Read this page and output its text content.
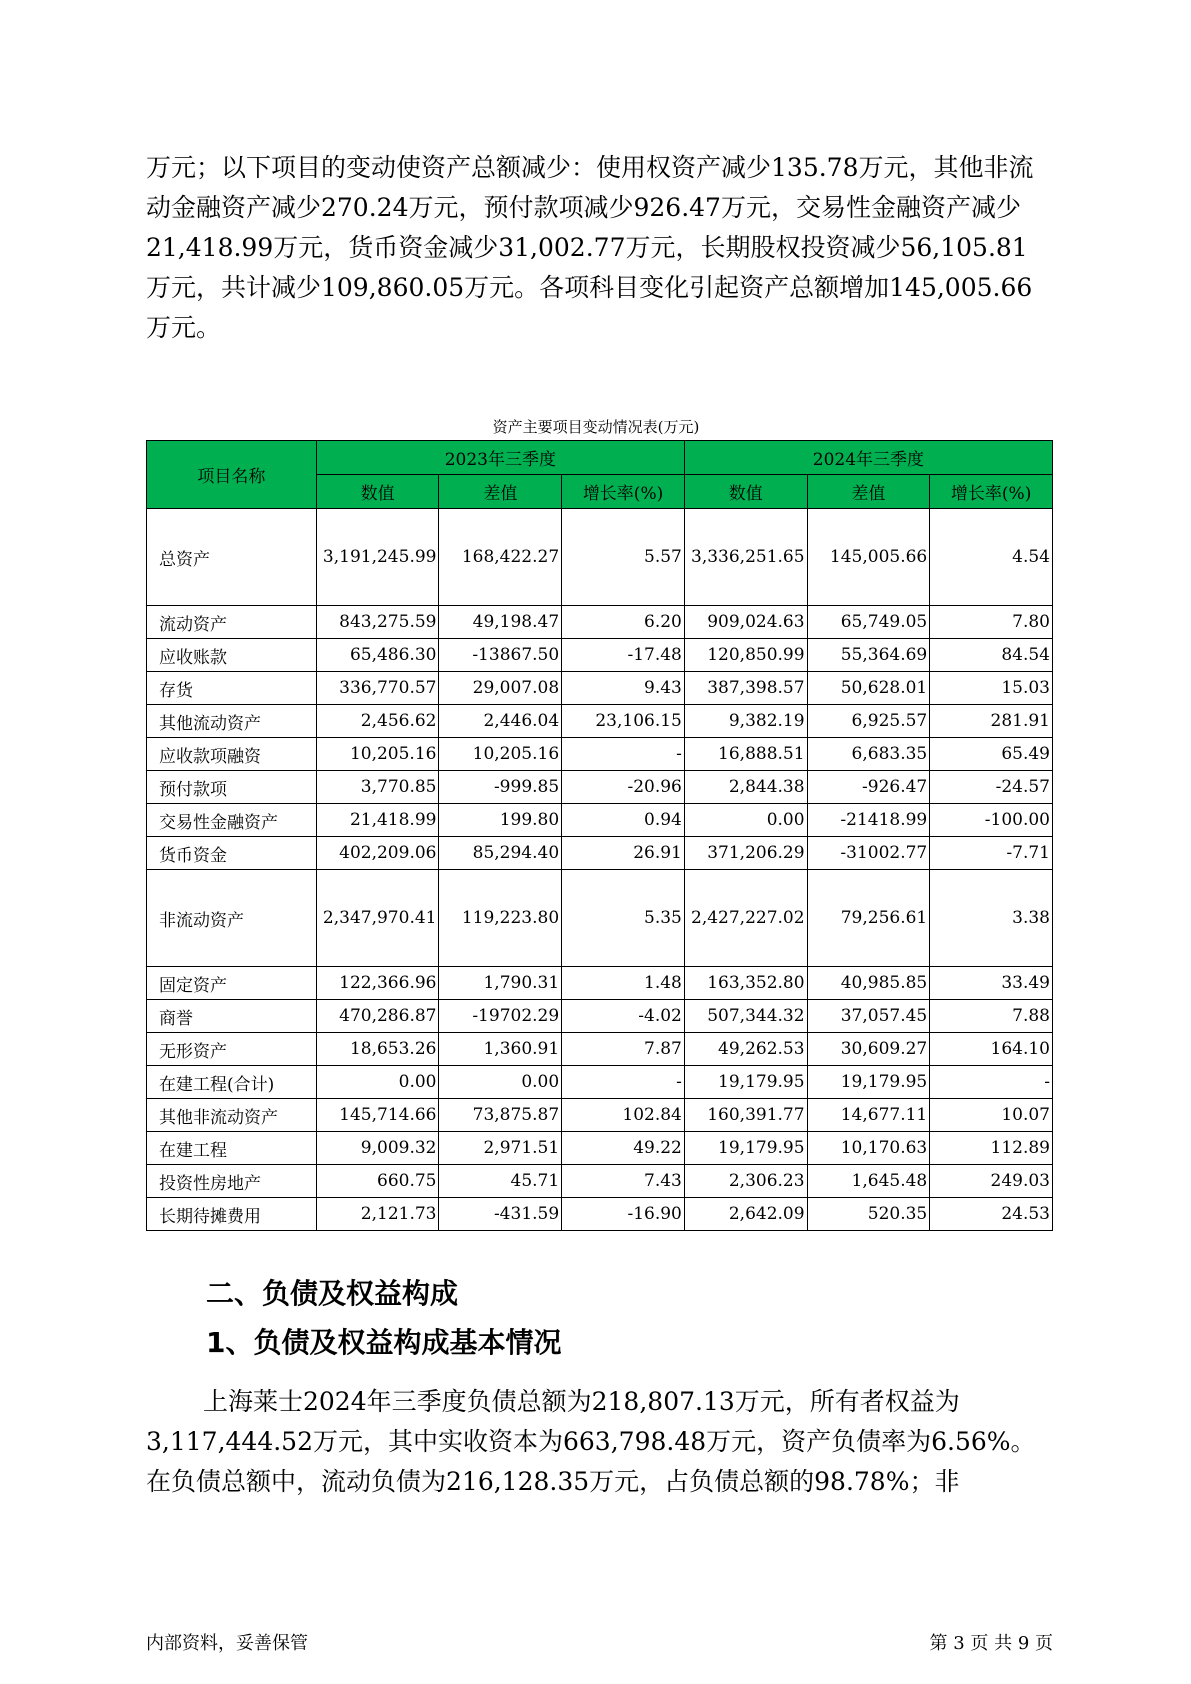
万元；以下项目的变动使资产总额减少：使用权资产减少135.78万元，其他非流动金融资产减少270.24万元，预付款项减少926.47万元，交易性金融资产减少21,418.99万元，货币资金减少31,002.77万元，长期股权投资减少56,105.81万元，共计减少109,860.05万元。各项科目变化引起资产总额增加145,005.66万元。

资产主要项目变动情况表(万元)
项目名称	2023年三季度			2024年三季度		
	数值	差值	增长率(%)	数值	差值	增长率(%)
总资产	3,191,245.99	168,422.27	5.57	3,336,251.65	145,005.66	4.54
流动资产	843,275.59	49,198.47	6.20	909,024.63	65,749.05	7.80
应收账款	65,486.30	-13867.50	-17.48	120,850.99	55,364.69	84.54
存货	336,770.57	29,007.08	9.43	387,398.57	50,628.01	15.03
其他流动资产	2,456.62	2,446.04	23,106.15	9,382.19	6,925.57	281.91
应收款项融资	10,205.16	10,205.16	-	16,888.51	6,683.35	65.49
预付款项	3,770.85	-999.85	-20.96	2,844.38	-926.47	-24.57
交易性金融资产	21,418.99	199.80	0.94	0.00	-21418.99	-100.00
货币资金	402,209.06	85,294.40	26.91	371,206.29	-31002.77	-7.71
非流动资产	2,347,970.41	119,223.80	5.35	2,427,227.02	79,256.61	3.38
固定资产	122,366.96	1,790.31	1.48	163,352.80	40,985.85	33.49
商誉	470,286.87	-19702.29	-4.02	507,344.32	37,057.45	7.88
无形资产	18,653.26	1,360.91	7.87	49,262.53	30,609.27	164.10
在建工程(合计)	0.00	0.00	-	19,179.95	19,179.95	-
其他非流动资产	145,714.66	73,875.87	102.84	160,391.77	14,677.11	10.07
在建工程	9,009.32	2,971.51	49.22	19,179.95	10,170.63	112.89
投资性房地产	660.75	45.71	7.43	2,306.23	1,645.48	249.03
长期待摊费用	2,121.73	-431.59	-16.90	2,642.09	520.35	24.53
二、负债及权益构成
1、负债及权益构成基本情况

上海莱士2024年三季度负债总额为218,807.13万元，所有者权益为3,117,444.52万元，其中实收资本为663,798.48万元，资产负债率为6.56%。在负债总额中，流动负债为216,128.35万元，占负债总额的98.78%；非

内部资料，妥善保管	第 3 页 共 9 页
